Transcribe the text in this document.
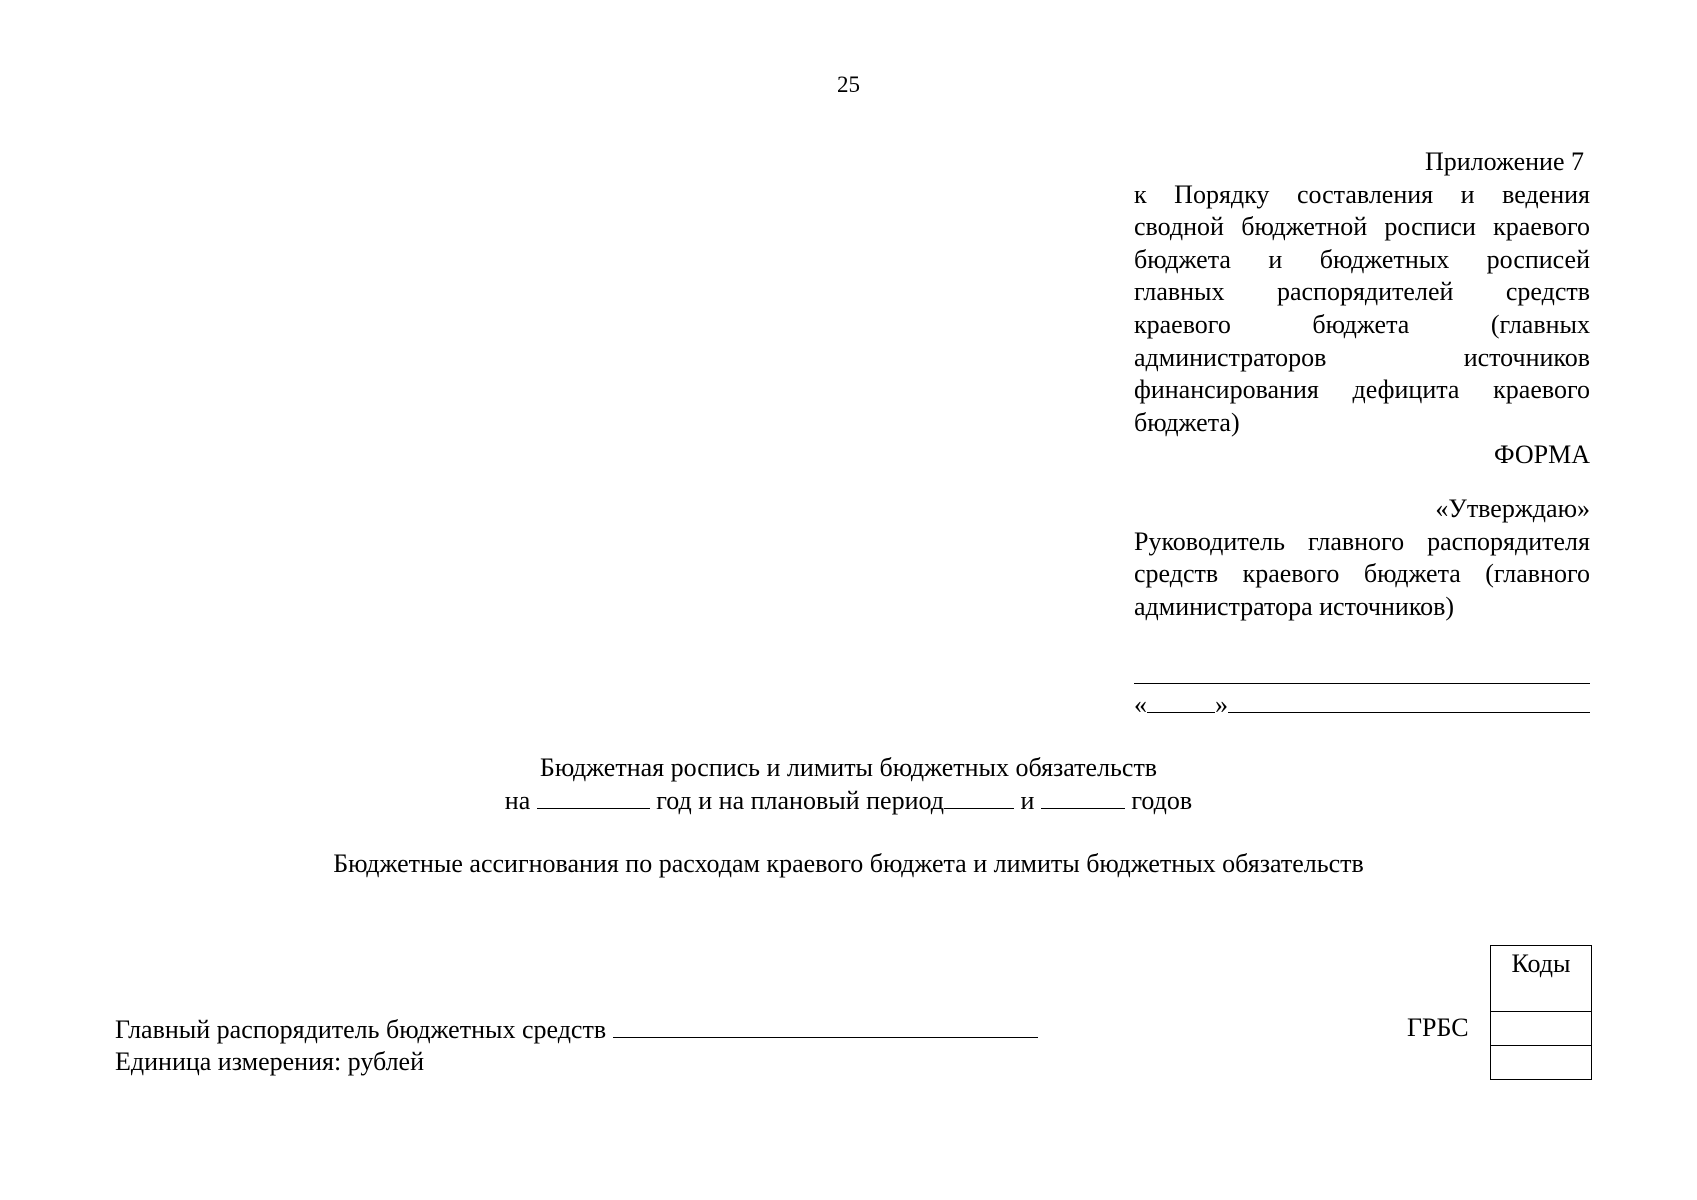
25
Приложение 7
к Порядку составления и ведения сводной бюджетной росписи краевого бюджета и бюджетных росписей главных распорядителей средств краевого бюджета (главных администраторов источников финансирования дефицита краевого бюджета)
ФОРМА
«Утверждаю»
Руководитель главного распорядителя средств краевого бюджета (главного администратора источников)
«	»
Бюджетная роспись и лимиты бюджетных обязательств
на	год и на плановый период	и	годов
Бюджетные ассигнования по расходам краевого бюджета и лимиты бюджетных обязательств
Коды
ГРБС
Главный распорядитель бюджетных средств
Единица измерения: рублей
